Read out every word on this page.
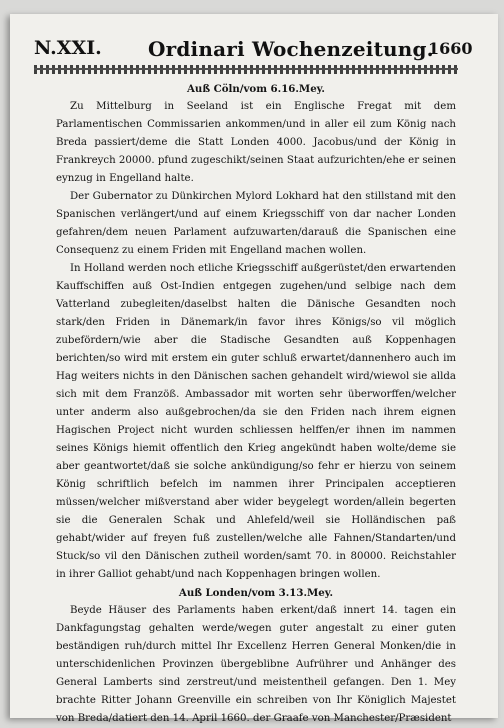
N.XXI. Ordinari Wochenzeitung.
1660

Auß Cöln/vom 6.16.Mey.

Zu Mittelburg in Seeland ist ein Englische Fregat mit dem Parlamentischen Commissarien ankommen/und in aller eil zum König nach Breda passiert/deme die Statt Londen 4000. Jacobus/und der König in Frankreych 20000. pfund zugeschikt/seinen Staat aufzurichten/ehe er seinen eynzug in Engelland halte.

Der Gubernator zu Dünkirchen Mylord Lokhard hat den stillstand mit den Spanischen verlängert/und auf einem Kriegsschiff von dar nacher Londen gefahren/dem neuen Parlament aufzuwarten/darauß die Spanischen eine Consequenz zu einem Friden mit Engelland machen wollen.

In Holland werden noch etliche Kriegsschiff außgerüstet/den erwartenden Kauffschiffen auß Ost-Indien entgegen zugehen/und selbige nach dem Vatterland zubegleiten/daselbst halten die Dänische Gesandten noch stark/den Friden in Dänemark/in favor ihres Königs/so vil möglich zubefördern/wie aber die Stadische Gesandten auß Koppenhagen berichten/so wird mit erstem ein guter schluß erwartet/dannenhero auch im Hag weiters nichts in den Dänischen sachen gehandelt wird/wiewol sie allda sich mit dem Franzöß. Ambassador mit worten sehr überworffen/welcher unter anderm also außgebrochen/da sie den Friden nach ihrem eignen Hagischen Project nicht wurden schliessen helffen/er ihnen im nammen seines Königs hiemit offentlich den Krieg angekündt haben wolte/deme sie aber geantwortet/daß sie solche ankündigung/so fehr er hierzu von seinem König schriftlich befelch im nammen ihrer Principalen acceptieren müssen/welcher mißverstand aber wider beygelegt worden/allein begerten sie die Generalen Schak und Ahlefeld/weil sie Holländischen paß gehabt/wider auf freyen fuß zustellen/welche alle Fahnen/Standarten/und Stuck/so vil den Dänischen zutheil worden/samt 70. in 80000. Reichstahler in ihrer Galliot gehabt/und nach Koppenhagen bringen wollen.

Auß Londen/vom 3.13.Mey.

Beyde Häuser des Parlaments haben erkent/daß innert 14. tagen ein Dankfagungstag gehalten werde/wegen guter angestalt zu einer guten beständigen ruh/durch mittel Ihr Excellenz Herren General Monken/die in unterschidenlichen Provinzen übergeblibne Aufrührer und Anhänger des General Lamberts sind zerstreut/und meistentheil gefangen. Den 1. Mey brachte Ritter Johann Greenville ein schreiben von Ihr Königlich Majestet von Breda/datiert den 14. April 1660. der Graafe von Manchester/Præsident
